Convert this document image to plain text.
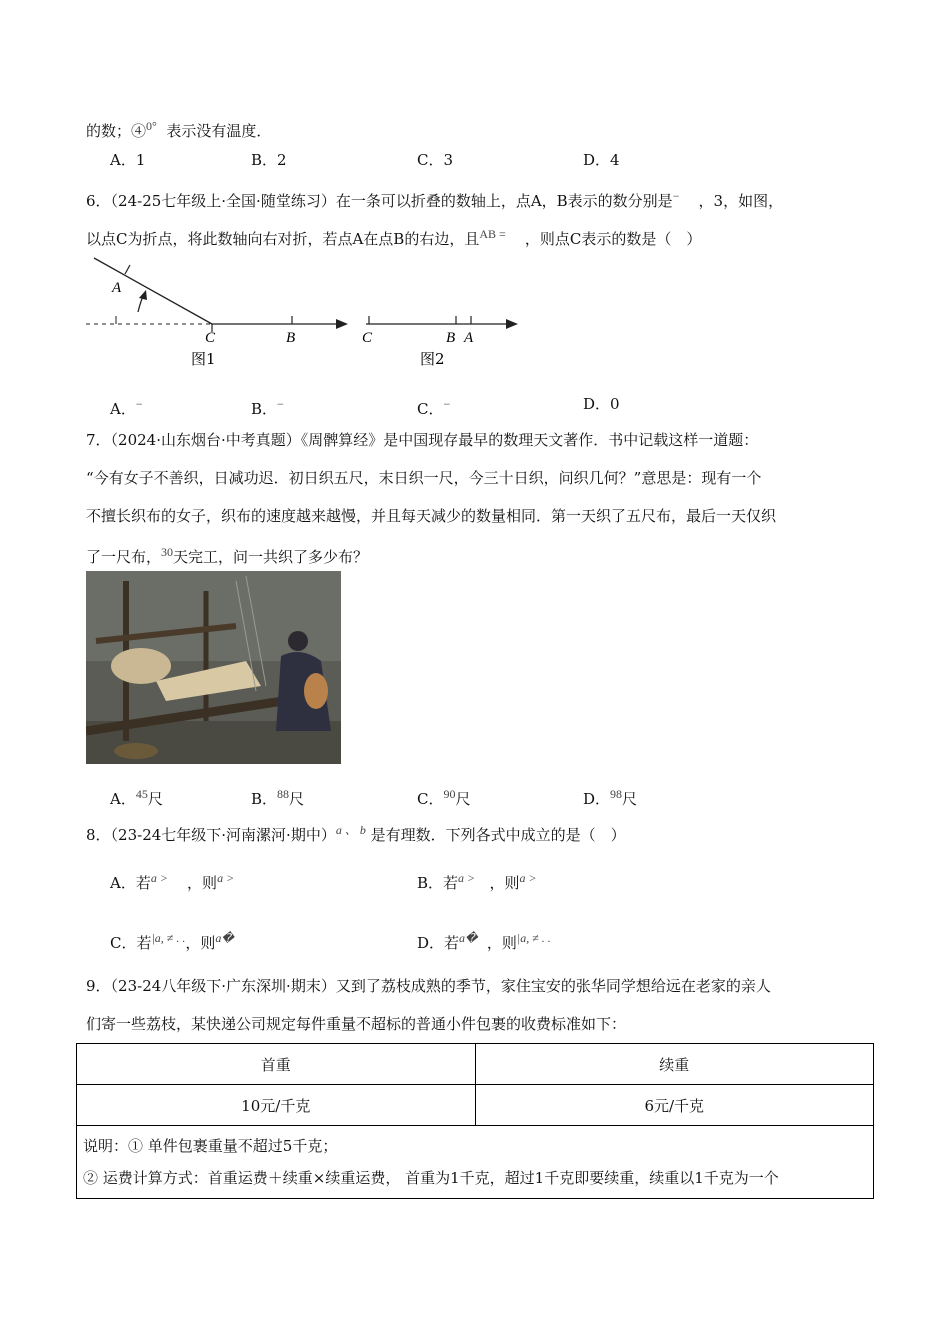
的数；④$^{0^\circ}$ 表示没有温度．
A．1	B．2	C．3	D．4
6．（24-25七年级上·全国·随堂练习）在一条可以折叠的数轴上，点A，B表示的数分别是− ，3，如图，
以点C为折点，将此数轴向右对折，若点A在点B的右边，且$^{AB =}$ ，则点C表示的数是（　）
A
C	B
图1
C	B A
图2
A．−	B．−	C．−	D．0
7．（2024·山东烟台·中考真题）《周髀算经》是中国现存最早的数理天文著作．书中记载这样一道题：
“今有女子不善织，日减功迟．初日织五尺，末日织一尺，今三十日织，问织几何？”意思是：现有一个
不擅长织布的女子，织布的速度越来越慢，并且每天减少的数量相同．第一天织了五尺布，最后一天仅织
了一尺布，$^{30}$天完工，问一共织了多少布？
A．$^{45}$尺	B．$^{88}$尺	C．$^{90}$尺	D．$^{98}$尺
8．（23-24七年级下·河南漯河·期中）$^{a 、 b}$ 是有理数．下列各式中成立的是（　）
A．若$^{a >}$ ，则$^{a >}$	B．若$^{a >}$ ，则$^{a >}$
C．若$^{|a, \ne . .}$，则$^{a�}$	D．若$^{a�}$ ，则$^{|a, \ne . .}$
9．（23-24八年级下·广东深圳·期末）又到了荔枝成熟的季节，家住宝安的张华同学想给远在老家的亲人
们寄一些荔枝，某快递公司规定每件重量不超标的普通小件包裹的收费标准如下：
首重	续重
10元/千克	6元/千克

说明：① 单件包裹重量不超过5千克；
② 运费计算方式：首重运费＋续重×续重运费， 首重为1千克，超过1千克即要续重，续重以1千克为一个	
